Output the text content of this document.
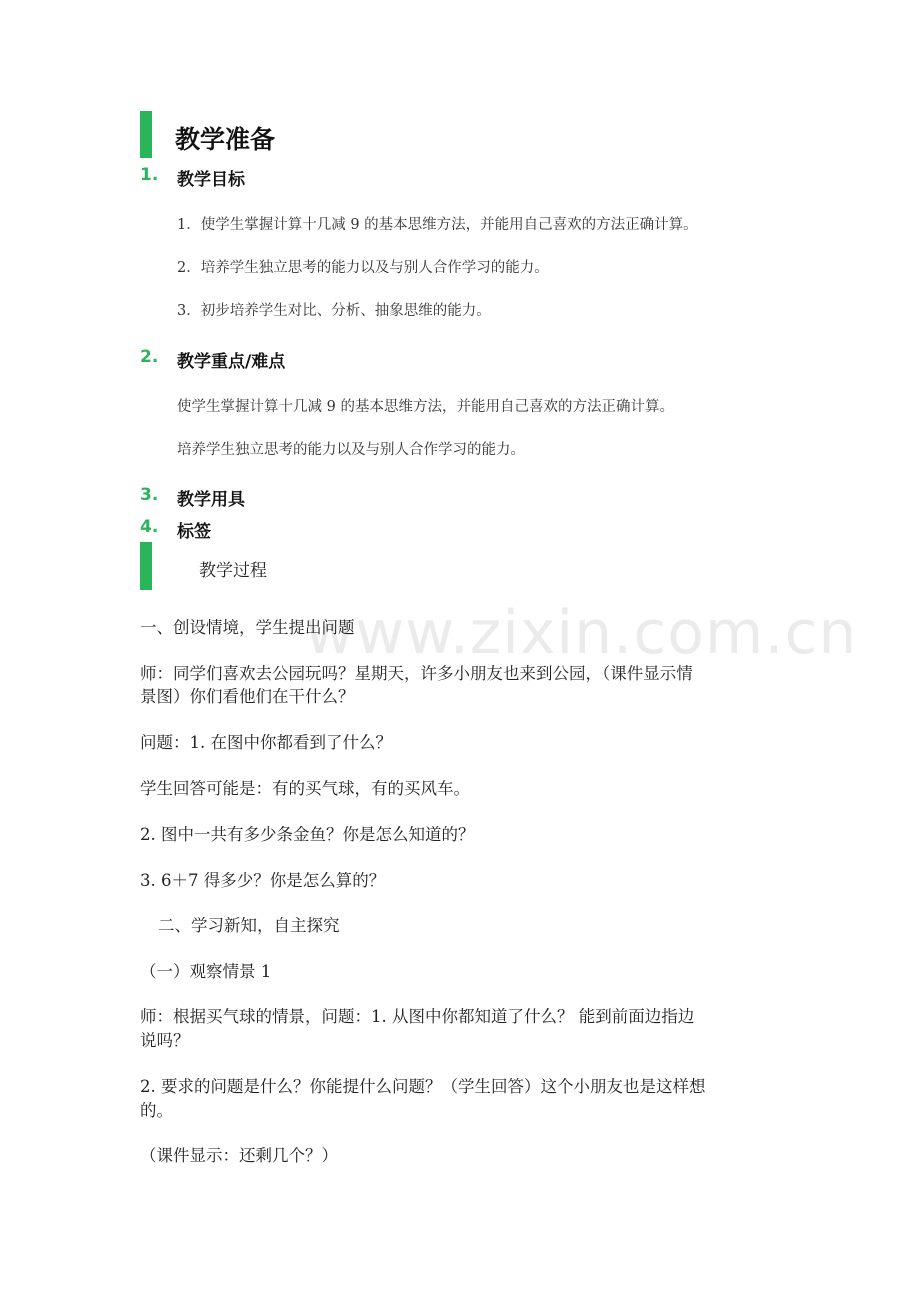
www.zixin.com.cn
教学准备
1. 教学目标
1．使学生掌握计算十几减 9 的基本思维方法，并能用自己喜欢的方法正确计算。
2．培养学生独立思考的能力以及与别人合作学习的能力。
3．初步培养学生对比、分析、抽象思维的能力。
2. 教学重点/难点
使学生掌握计算十几减 9 的基本思维方法，并能用自己喜欢的方法正确计算。
培养学生独立思考的能力以及与别人合作学习的能力。
3. 教学用具
4. 标签
教学过程
一、创设情境，学生提出问题
师：同学们喜欢去公园玩吗？星期天，许多小朋友也来到公园，（课件显示情
景图）你们看他们在干什么？
问题：1. 在图中你都看到了什么？
学生回答可能是：有的买气球，有的买风车。
2. 图中一共有多少条金鱼？你是怎么知道的？
3. 6＋7 得多少？你是怎么算的？
二、学习新知，自主探究
（一）观察情景 1
师：根据买气球的情景，问题：1. 从图中你都知道了什么？ 能到前面边指边
说吗？
2. 要求的问题是什么？你能提什么问题？（学生回答）这个小朋友也是这样想
的。
（课件显示：还剩几个？）
